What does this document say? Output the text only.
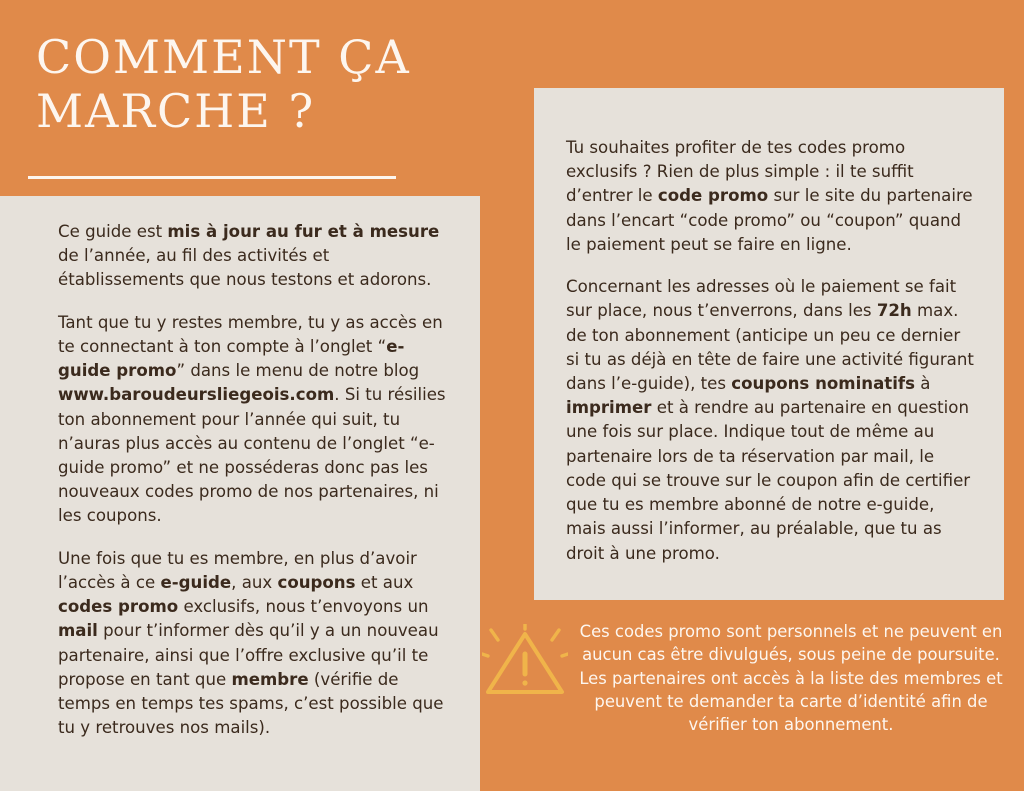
COMMENT ÇA MARCHE ?

Ce guide est mis à jour au fur et à mesure de l’année, au fil des activités et établissements que nous testons et adorons.

Tant que tu y restes membre, tu y as accès en te connectant à ton compte à l’onglet “e-guide promo” dans le menu de notre blog www.baroudeursliegeois.com. Si tu résilies ton abonnement pour l’année qui suit, tu n’auras plus accès au contenu de l’onglet “e-guide promo” et ne posséderas donc pas les nouveaux codes promo de nos partenaires, ni les coupons.

Une fois que tu es membre, en plus d’avoir l’accès à ce e-guide, aux coupons et aux codes promo exclusifs, nous t’envoyons un mail pour t’informer dès qu’il y a un nouveau partenaire, ainsi que l’offre exclusive qu’il te propose en tant que membre (vérifie de temps en temps tes spams, c’est possible que tu y retrouves nos mails).

Tu souhaites profiter de tes codes promo exclusifs ? Rien de plus simple : il te suffit d’entrer le code promo sur le site du partenaire dans l’encart “code promo” ou “coupon” quand le paiement peut se faire en ligne.

Concernant les adresses où le paiement se fait sur place, nous t’enverrons, dans les 72h max. de ton abonnement (anticipe un peu ce dernier si tu as déjà en tête de faire une activité figurant dans l’e-guide), tes coupons nominatifs à imprimer et à rendre au partenaire en question une fois sur place. Indique tout de même au partenaire lors de ta réservation par mail, le code qui se trouve sur le coupon afin de certifier que tu es membre abonné de notre e-guide, mais aussi l’informer, au préalable, que tu as droit à une promo.

Ces codes promo sont personnels et ne peuvent en aucun cas être divulgués, sous peine de poursuite.

Les partenaires ont accès à la liste des membres et peuvent te demander ta carte d’identité afin de vérifier ton abonnement.
